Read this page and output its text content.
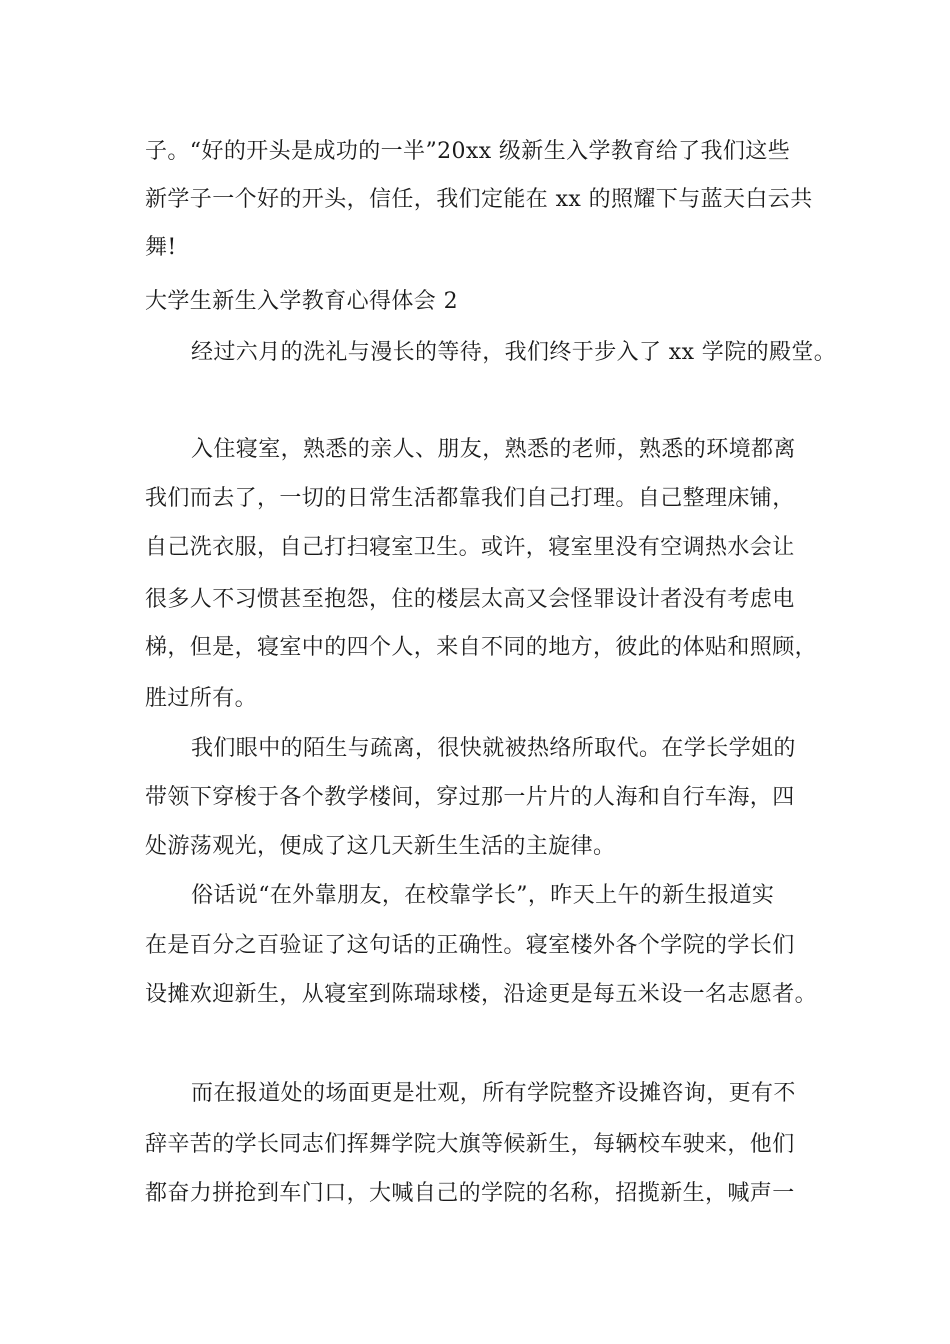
子。“好的开头是成功的一半”20xx 级新生入学教育给了我们这些
新学子一个好的开头，信任，我们定能在 xx 的照耀下与蓝天白云共
舞!
大学生新生入学教育心得体会 2
经过六月的洗礼与漫长的等待，我们终于步入了 xx 学院的殿堂。
入住寝室，熟悉的亲人、朋友，熟悉的老师，熟悉的环境都离
我们而去了，一切的日常生活都靠我们自己打理。自己整理床铺，
自己洗衣服，自己打扫寝室卫生。或许，寝室里没有空调热水会让
很多人不习惯甚至抱怨，住的楼层太高又会怪罪设计者没有考虑电
梯，但是，寝室中的四个人，来自不同的地方，彼此的体贴和照顾，
胜过所有。
我们眼中的陌生与疏离，很快就被热络所取代。在学长学姐的
带领下穿梭于各个教学楼间，穿过那一片片的人海和自行车海，四
处游荡观光，便成了这几天新生生活的主旋律。
俗话说“在外靠朋友，在校靠学长”，昨天上午的新生报道实
在是百分之百验证了这句话的正确性。寝室楼外各个学院的学长们
设摊欢迎新生，从寝室到陈瑞球楼，沿途更是每五米设一名志愿者。
而在报道处的场面更是壮观，所有学院整齐设摊咨询，更有不
辞辛苦的学长同志们挥舞学院大旗等候新生，每辆校车驶来，他们
都奋力拼抢到车门口，大喊自己的学院的名称，招揽新生，喊声一
